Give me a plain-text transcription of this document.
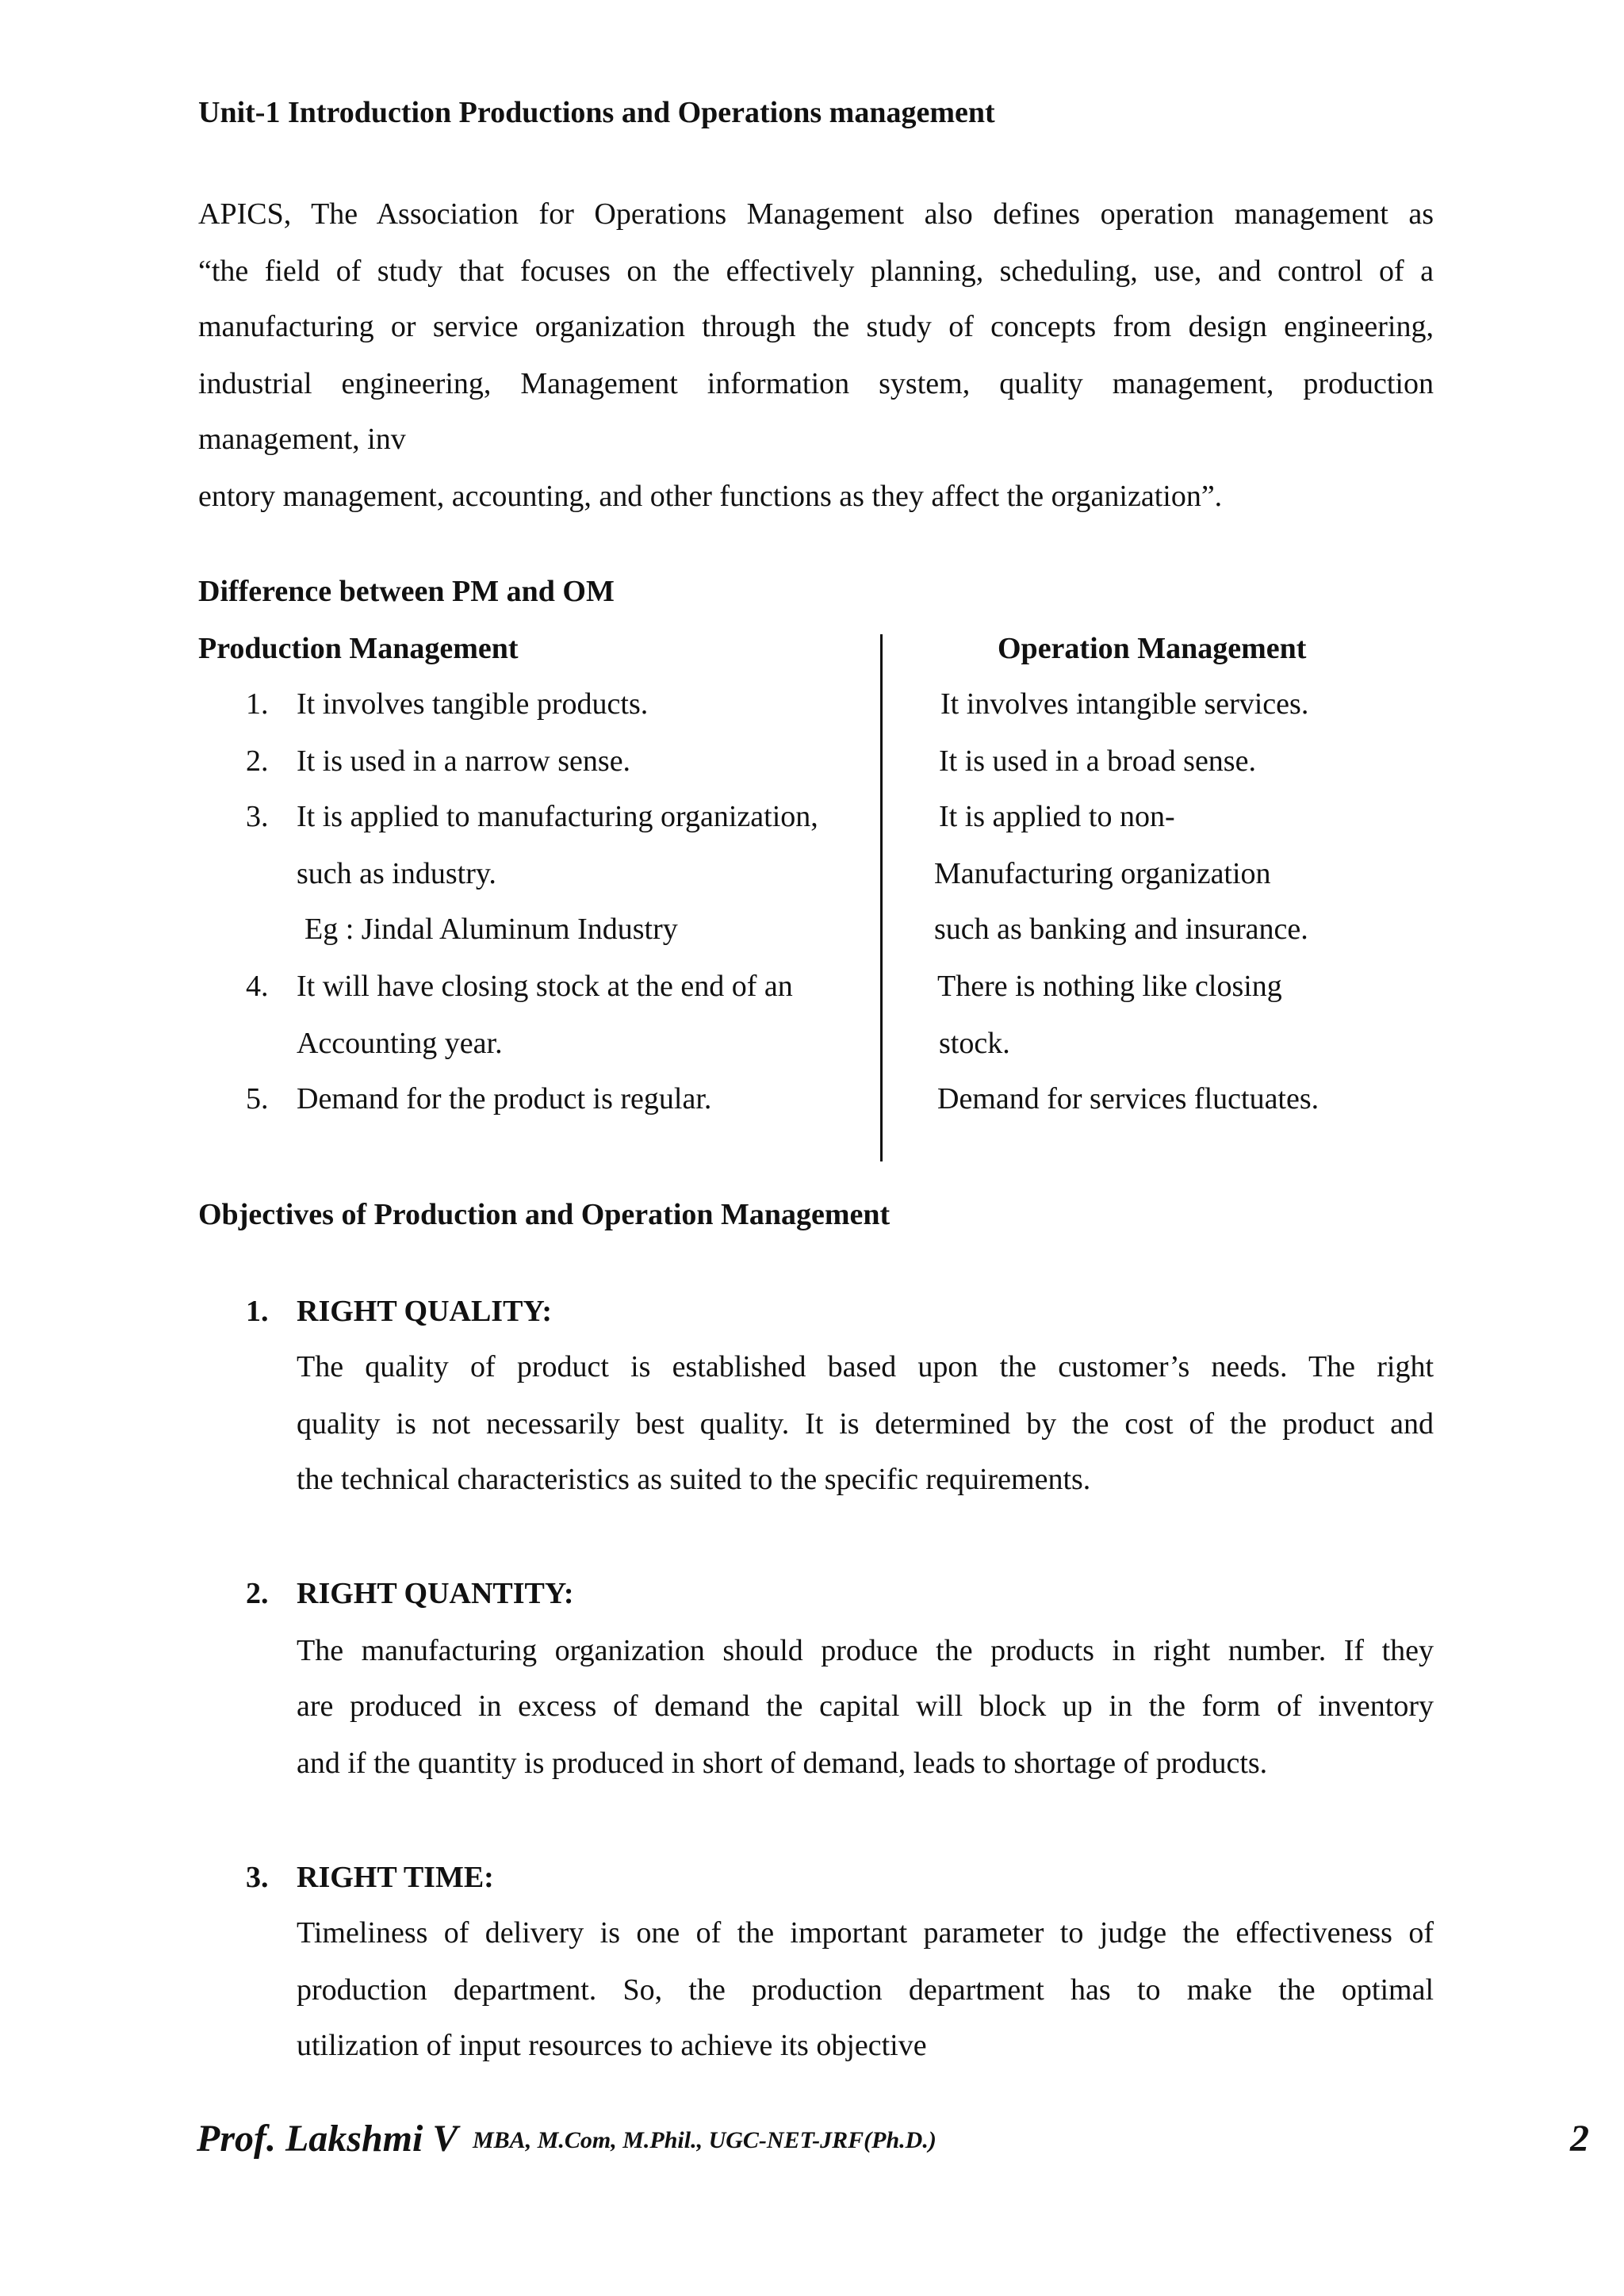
Unit-1 Introduction Productions and Operations management
APICS, The Association for Operations Management also defines operation management as
“the field of study that focuses on the effectively planning, scheduling, use, and control of a
manufacturing or service organization through the study of concepts from design engineering,
industrial engineering, Management information system, quality management, production
management, inv
entory management, accounting, and other functions as they affect the organization”.
Difference between PM and OM
Production Management	Operation Management
1. It involves tangible products.
2. It is used in a narrow sense.
3. It is applied to manufacturing organization,
such as industry.
Eg : Jindal Aluminum Industry
4. It will have closing stock at the end of an
Accounting year.
5. Demand for the product is regular.
It involves intangible services.
It is used in a broad sense.
It is applied to non-
Manufacturing organization
such as banking and insurance.
There is nothing like closing
stock.
Demand for services fluctuates.
Objectives of Production and Operation Management
1. RIGHT QUALITY:
The quality of product is established based upon the customer’s needs. The right
quality is not necessarily best quality. It is determined by the cost of the product and
the technical characteristics as suited to the specific requirements.
2. RIGHT QUANTITY:
The manufacturing organization should produce the products in right number. If they
are produced in excess of demand the capital will block up in the form of inventory
and if the quantity is produced in short of demand, leads to shortage of products.
3. RIGHT TIME:
Timeliness of delivery is one of the important parameter to judge the effectiveness of
production department. So, the production department has to make the optimal
utilization of input resources to achieve its objective
Prof. Lakshmi V MBA, M.Com, M.Phil., UGC-NET-JRF(Ph.D.)	2
